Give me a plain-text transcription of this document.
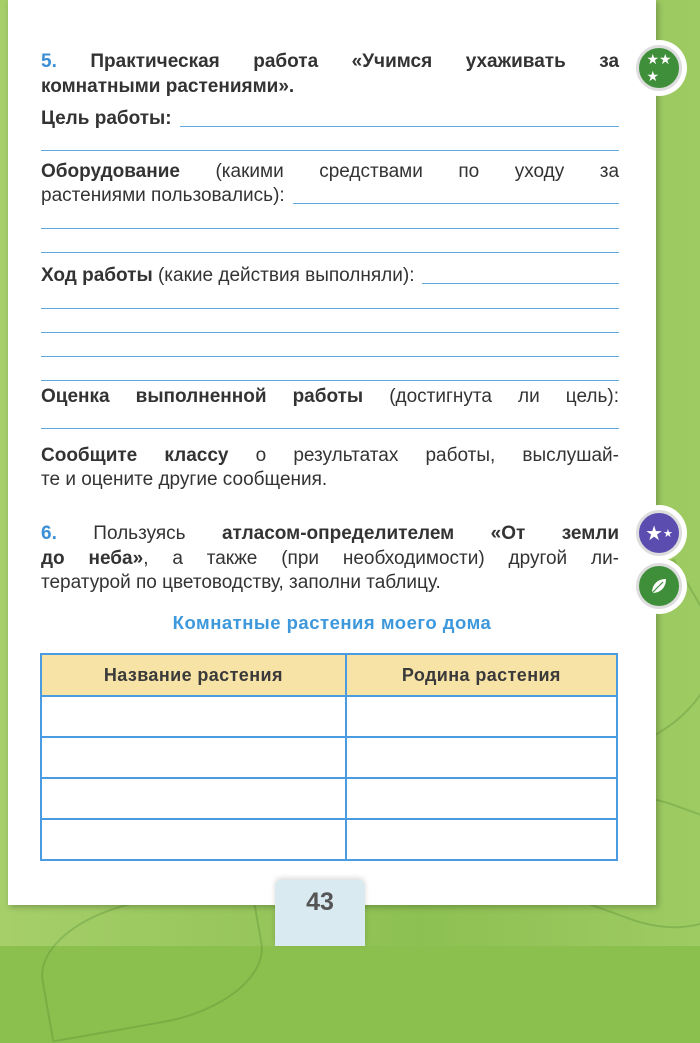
5. Практическая работа «Учимся ухаживать за
комнатными растениями».
Цель работы:
Оборудование (какими средствами по уходу за
растениями пользовались):
Ход работы
(какие действия выполняли):
Оценка выполненной работы (достигнута ли цель):
Сообщите классу о результатах работы, выслушай-
те и оцените другие сообщения.
6. Пользуясь атласом-определителем «От земли
до неба», а также (при необходимости) другой ли-
тературой по цветоводству, заполни таблицу.
Комнатные растения моего дома
Название растения	Родина растения

★★
★
★ ★
43
